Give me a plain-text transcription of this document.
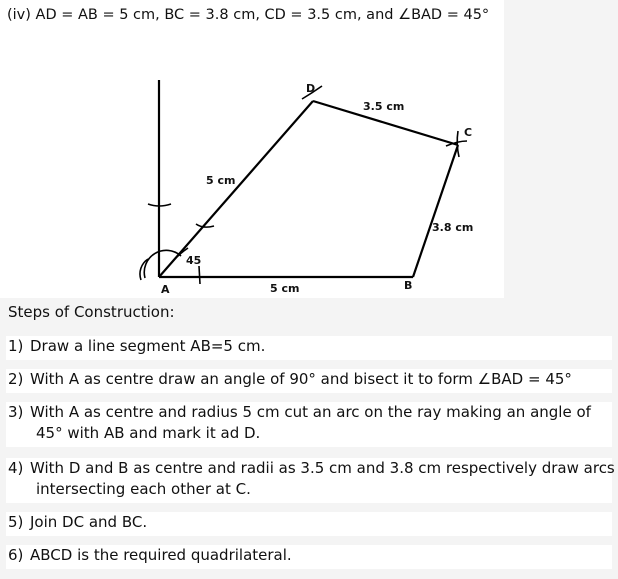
(iv) AD = AB = 5 cm, BC = 3.8 cm, CD = 3.5 cm, and ∠BAD = 45°
A	B
C
D
5 cm
5 cm
3.5 cm
3.8 cm
45
Steps of Construction:
1) Draw a line segment AB=5 cm.
2) With A as centre draw an angle of 90° and bisect it to form ∠BAD = 45°
3) With A as centre and radius 5 cm cut an arc on the ray making an angle of
45° with AB and mark it ad D.
4) With D and B as centre and radii as 3.5 cm and 3.8 cm respectively draw arcs
intersecting each other at C.
5) Join DC and BC.
6) ABCD is the required quadrilateral.
